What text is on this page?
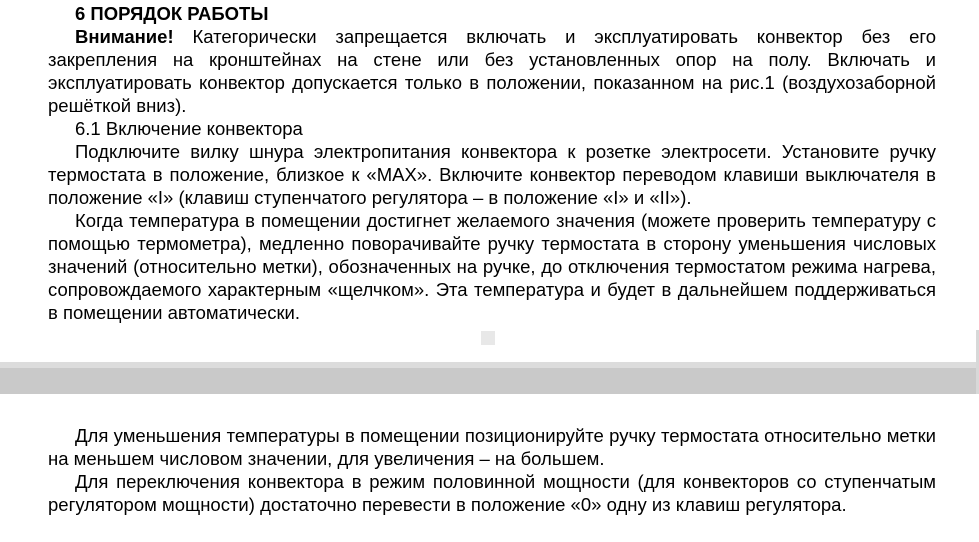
6 ПОРЯДОК РАБОТЫ

Внимание! Категорически запрещается включать и эксплуатировать конвектор без его закрепления на кронштейнах на стене или без установленных опор на полу. Включать и эксплуатировать конвектор допускается только в положении, показанном на рис.1 (воздухозаборной решёткой вниз).

6.1 Включение конвектора

Подключите вилку шнура электропитания конвектора к розетке электросети. Установите ручку термостата в положение, близкое к «MAX». Включите конвектор переводом клавиши выключателя в положение «I» (клавиш ступенчатого регулятора – в положение «I» и «II»).

Когда температура в помещении достигнет желаемого значения (можете проверить температуру с помощью термометра), медленно поворачивайте ручку термостата в сторону уменьшения числовых значений (относительно метки), обозначенных на ручке, до отключения термостатом режима нагрева, сопровождаемого характерным «щелчком». Эта температура и будет в дальнейшем поддерживаться в помещении автоматически.

Для уменьшения температуры в помещении позиционируйте ручку термостата относительно метки на меньшем числовом значении, для увеличения – на большем.

Для переключения конвектора в режим половинной мощности (для конвекторов со ступенчатым регулятором мощности) достаточно перевести в положение «0» одну из клавиш регулятора.
